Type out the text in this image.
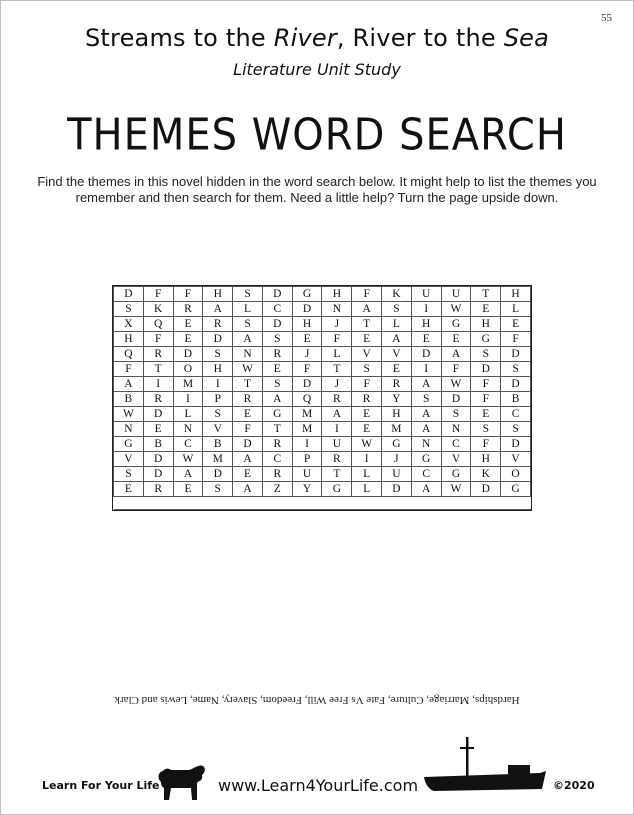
55
Streams to the River, River to the Sea
Literature Unit Study
THEMES WORD SEARCH
Find the themes in this novel hidden in the word search below. It might help to list the themes you remember and then search for them. Need a little help? Turn the page upside down.
D	F	F	H	S	D	G	H	F	K	U	U	T	H
S	K	R	A	L	C	D	N	A	S	I	W	E	L
X	Q	E	R	S	D	H	J	T	L	H	G	H	E
H	F	E	D	A	S	E	F	E	A	E	E	G	F
Q	R	D	S	N	R	J	L	V	V	D	A	S	D
F	T	O	H	W	E	F	T	S	E	I	F	D	S
A	I	M	I	T	S	D	J	F	R	A	W	F	D
B	R	I	P	R	A	Q	R	R	Y	S	D	F	B
W	D	L	S	E	G	M	A	E	H	A	S	E	C
N	E	N	V	F	T	M	I	E	M	A	N	S	S
G	B	C	B	D	R	I	U	W	G	N	C	F	D
V	D	W	M	A	C	P	R	I	J	G	V	H	V
S	D	A	D	E	R	U	T	L	U	C	G	K	O
E	R	E	S	A	Z	Y	G	L	D	A	W	D	G

Hardships, Marriage, Culture, Fate Vs Free Will, Freedom, Slavery, Name, Lewis and Clark
Learn For Your Life	www.Learn4YourLife.com	©2020
